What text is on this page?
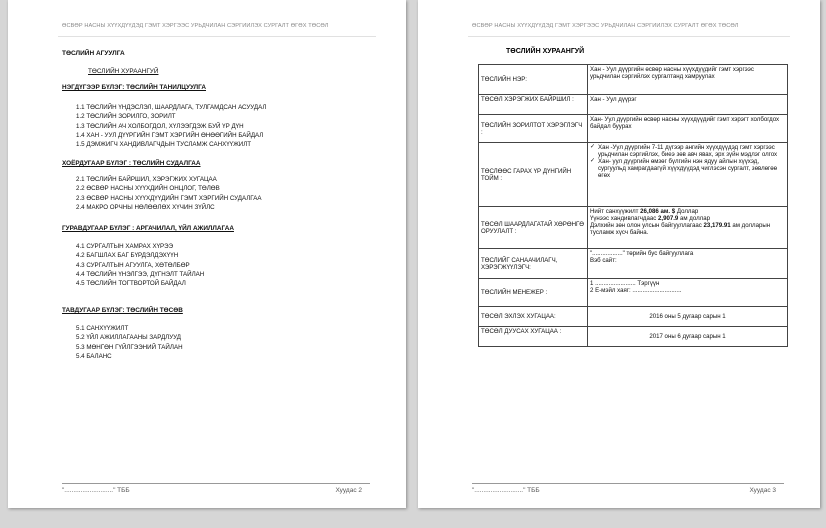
ӨСВӨР НАСНЫ ХҮҮХДҮҮДЭД ГЭМТ ХЭРГЭЭС УРЬДЧИЛАН СЭРГИЙЛЭХ СУРГАЛТ ӨГӨХ ТӨСӨЛ
ТӨСЛИЙН АГУУЛГА
ТӨСЛИЙН ХУРААНГУЙ
НЭГДҮГЭЭР БҮЛЭГ: ТӨСЛИЙН ТАНИЛЦУУЛГА
1.1 ТӨСЛИЙН ҮНДЭСЛЭЛ, ШААРДЛАГА, ТУЛГАМДСАН АСУУДАЛ
1.2 ТӨСЛИЙН ЗОРИЛГО, ЗОРИЛТ
1.3 ТӨСЛИЙН АЧ ХОЛБОГДОЛ, ХҮЛЭЭГДЭЖ БУЙ ҮР ДҮН
1.4 ХАН - УУЛ ДҮҮРГИЙН ГЭМТ ХЭРГИЙН ӨНӨӨГИЙН БАЙДАЛ
1.5 ДЭМЖИГЧ ХАНДИВЛАГЧДЫН ТУСЛАМЖ САНХҮҮЖИЛТ
ХОЁРДУГААР БҮЛЭГ : ТӨСЛИЙН СУДАЛГАА
2.1 ТӨСЛИЙН БАЙРШИЛ, ХЭРЭГЖИХ ХУГАЦАА
2.2 ӨСВӨР НАСНЫ ХҮҮХДИЙН ОНЦЛОГ, ТӨЛӨВ
2.3 ӨСВӨР НАСНЫ ХҮҮХДҮҮДИЙН ГЭМТ ХЭРГИЙН СУДАЛГАА
2.4 МАКРО ОРЧНЫ НӨЛӨӨЛӨХ ХҮЧИН ЗҮЙЛС
ГУРАВДУГААР БҮЛЭГ : АРГАЧИЛАЛ, ҮЙЛ АЖИЛЛАГАА
4.1 СУРГАЛТЫН ХАМРАХ ХҮРЭЭ
4.2 БАГШЛАХ БАГ БҮРДЭЛДЭХҮҮН
4.3 СУРГАЛТЫН АГУУЛГА, ХӨТӨЛБӨР
4.4 ТӨСЛИЙН ҮНЭЛГЭЭ, ДҮГНЭЛТ ТАЙЛАН
4.5 ТӨСЛИЙН ТОГТВОРТОЙ БАЙДАЛ
ТАВДУГААР БҮЛЭГ: ТӨСЛИЙН ТӨСӨВ
5.1 САНХҮҮЖИЛТ
5.2 ҮЙЛ АЖИЛЛАГААНЫ ЗАРДЛУУД
5.3 МӨНГӨН ГҮЙЛГЭЭНИЙ ТАЙЛАН
5.4 БАЛАНС
"..........................." ТББ	Хуудас 2
ӨСВӨР НАСНЫ ХҮҮХДҮҮДЭД ГЭМТ ХЭРГЭЭС УРЬДЧИЛАН СЭРГИЙЛЭХ СУРГАЛТ ӨГӨХ ТӨСӨЛ
ТӨСЛИЙН ХУРААНГУЙ
ТӨСЛИЙН НЭР:	Хан - Уул дүүргийн өсвөр насны хүүхдүүдийг гэмт хэргээс урьдчилан сэргийлэх сургалтанд хамруулах
ТӨСӨЛ ХЭРЭГЖИХ БАЙРШИЛ :	Хан - Уул дүүрэг
ТӨСЛИЙН ЗОРИЛТОТ ХЭРЭГЛЭГЧ :	Хан- Уул дүүргийн өсвөр насны хүүхдүүдийг гэмт хэрэгт холбогдох байдал буурах
ТӨСЛӨӨС ГАРАХ ҮР ДҮНГИЙН ТОЙМ :	✓ Хан -Уул дүүргийн 7-11 дүгээр ангийн хүүхдүүдэд гэмт хэргээс урьдчилан сэргийлэх, биеэ зөв авч явах, эрх зүйн мэдлэг олгох
✓ Хан- уул дүүргийн өмзөг бүлгийн нэн ядуу айлын хүүхэд, сургуульд хамрагдаагүй хүүхдүүдэд чиглэсэн сургалт, зөвлөгөө өгөх

ТӨСӨЛ ШААРДЛАГАТАЙ ХӨРӨНГӨ ОРУУЛАЛТ :	Нийт санхүүжилт 26,086 ам. $ Доллар
Үүнээс хандивлагчдаас 2,907.9 ам доллар
Дэлхийн зөн олон улсын байгууллагаас 23,179.91 ам долларын тусламж хүсч байна.

ТӨСЛИЙГ САНААЧИЛАГЧ, ХЭРЭГЖҮҮЛЭГЧ:	".................." төрийн бус байгууллага
Вэб сайт:

ТӨСЛИЙН МЕНЕЖЕР :	1 ........................ Тэргүүн
2 Е-мэйл хаяг: .............................

ТӨСӨЛ ЭХЛЭХ ХУГАЦАА:	2016 оны 5 дугаар сарын 1
ТӨСӨЛ ДУУСАХ ХУГАЦАА :	2017 оны 6 дугаар сарын 1
"..........................." ТББ	Хуудас 3
